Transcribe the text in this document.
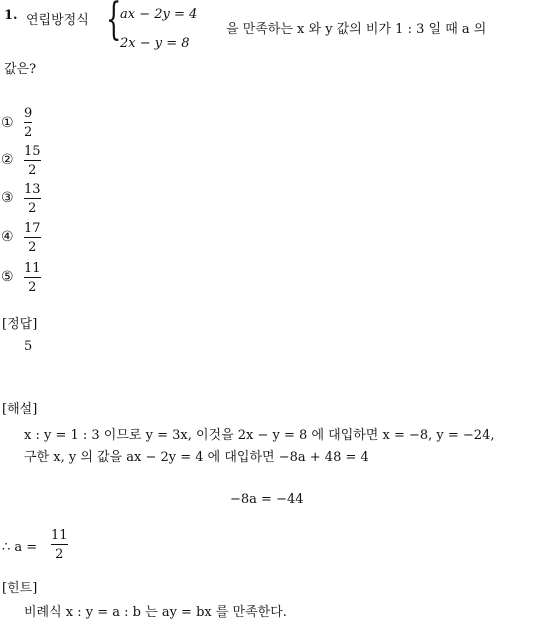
1. 연립방정식 {
ax − 2y = 4
2x − y = 8
을 만족하는 x 와 y 값의 비가 1 : 3 일 때 a 의
값은?
①
9
2
②
15
2
③
13
2
④
17
2
⑤
11
2
[정답]
5
[해설]
x : y = 1 : 3 이므로 y = 3x, 이것을 2x − y = 8 에 대입하면 x = −8, y = −24,
구한 x, y 의 값을 ax − 2y = 4 에 대입하면 −8a + 48 = 4
−8a = −44
∴ a =
11
2
[힌트]
비례식 x : y = a : b 는 ay = bx 를 만족한다.
